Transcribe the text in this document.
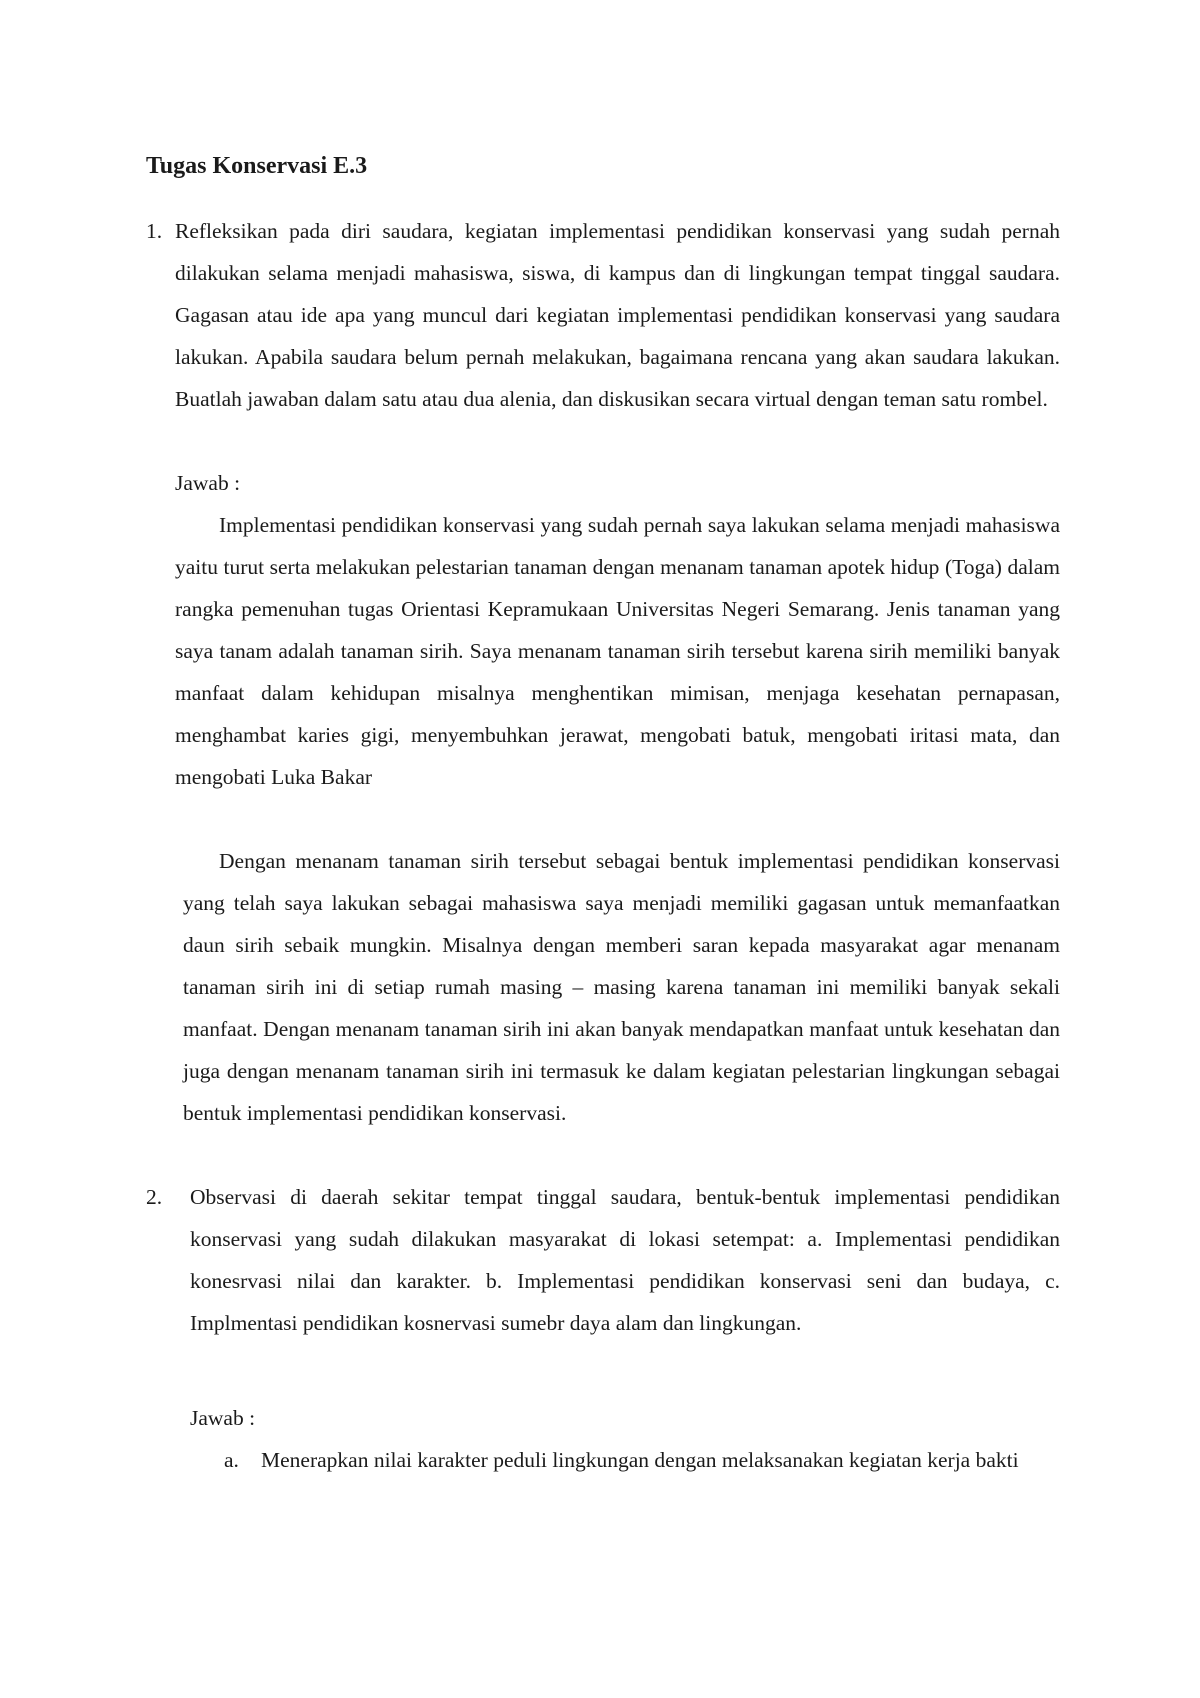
Tugas Konservasi E.3

1. Refleksikan pada diri saudara, kegiatan implementasi pendidikan konservasi yang sudah pernah dilakukan selama menjadi mahasiswa, siswa, di kampus dan di lingkungan tempat tinggal saudara. Gagasan atau ide apa yang muncul dari kegiatan implementasi pendidikan konservasi yang saudara lakukan. Apabila saudara belum pernah melakukan, bagaimana rencana yang akan saudara lakukan. Buatlah jawaban dalam satu atau dua alenia, dan diskusikan secara virtual dengan teman satu rombel.

Jawab :

Implementasi pendidikan konservasi yang sudah pernah saya lakukan selama menjadi mahasiswa yaitu turut serta melakukan pelestarian tanaman dengan menanam tanaman apotek hidup (Toga) dalam rangka pemenuhan tugas Orientasi Kepramukaan Universitas Negeri Semarang. Jenis tanaman yang saya tanam adalah tanaman sirih. Saya menanam tanaman sirih tersebut karena sirih memiliki banyak manfaat dalam kehidupan misalnya menghentikan mimisan, menjaga kesehatan pernapasan, menghambat karies gigi, menyembuhkan jerawat, mengobati batuk, mengobati iritasi mata, dan mengobati Luka Bakar

Dengan menanam tanaman sirih tersebut sebagai bentuk implementasi pendidikan konservasi yang telah saya lakukan sebagai mahasiswa saya menjadi memiliki gagasan untuk memanfaatkan daun sirih sebaik mungkin. Misalnya dengan memberi saran kepada masyarakat agar menanam tanaman sirih ini di setiap rumah masing – masing karena tanaman ini memiliki banyak sekali manfaat. Dengan menanam tanaman sirih ini akan banyak mendapatkan manfaat untuk kesehatan dan juga dengan menanam tanaman sirih ini termasuk ke dalam kegiatan pelestarian lingkungan sebagai bentuk implementasi pendidikan konservasi.

2. Observasi di daerah sekitar tempat tinggal saudara, bentuk-bentuk implementasi pendidikan konservasi yang sudah dilakukan masyarakat di lokasi setempat: a. Implementasi pendidikan konesrvasi nilai dan karakter. b. Implementasi pendidikan konservasi seni dan budaya, c. Implmentasi pendidikan kosnervasi sumebr daya alam dan lingkungan.

Jawab :

a. Menerapkan nilai karakter peduli lingkungan dengan melaksanakan kegiatan kerja bakti
